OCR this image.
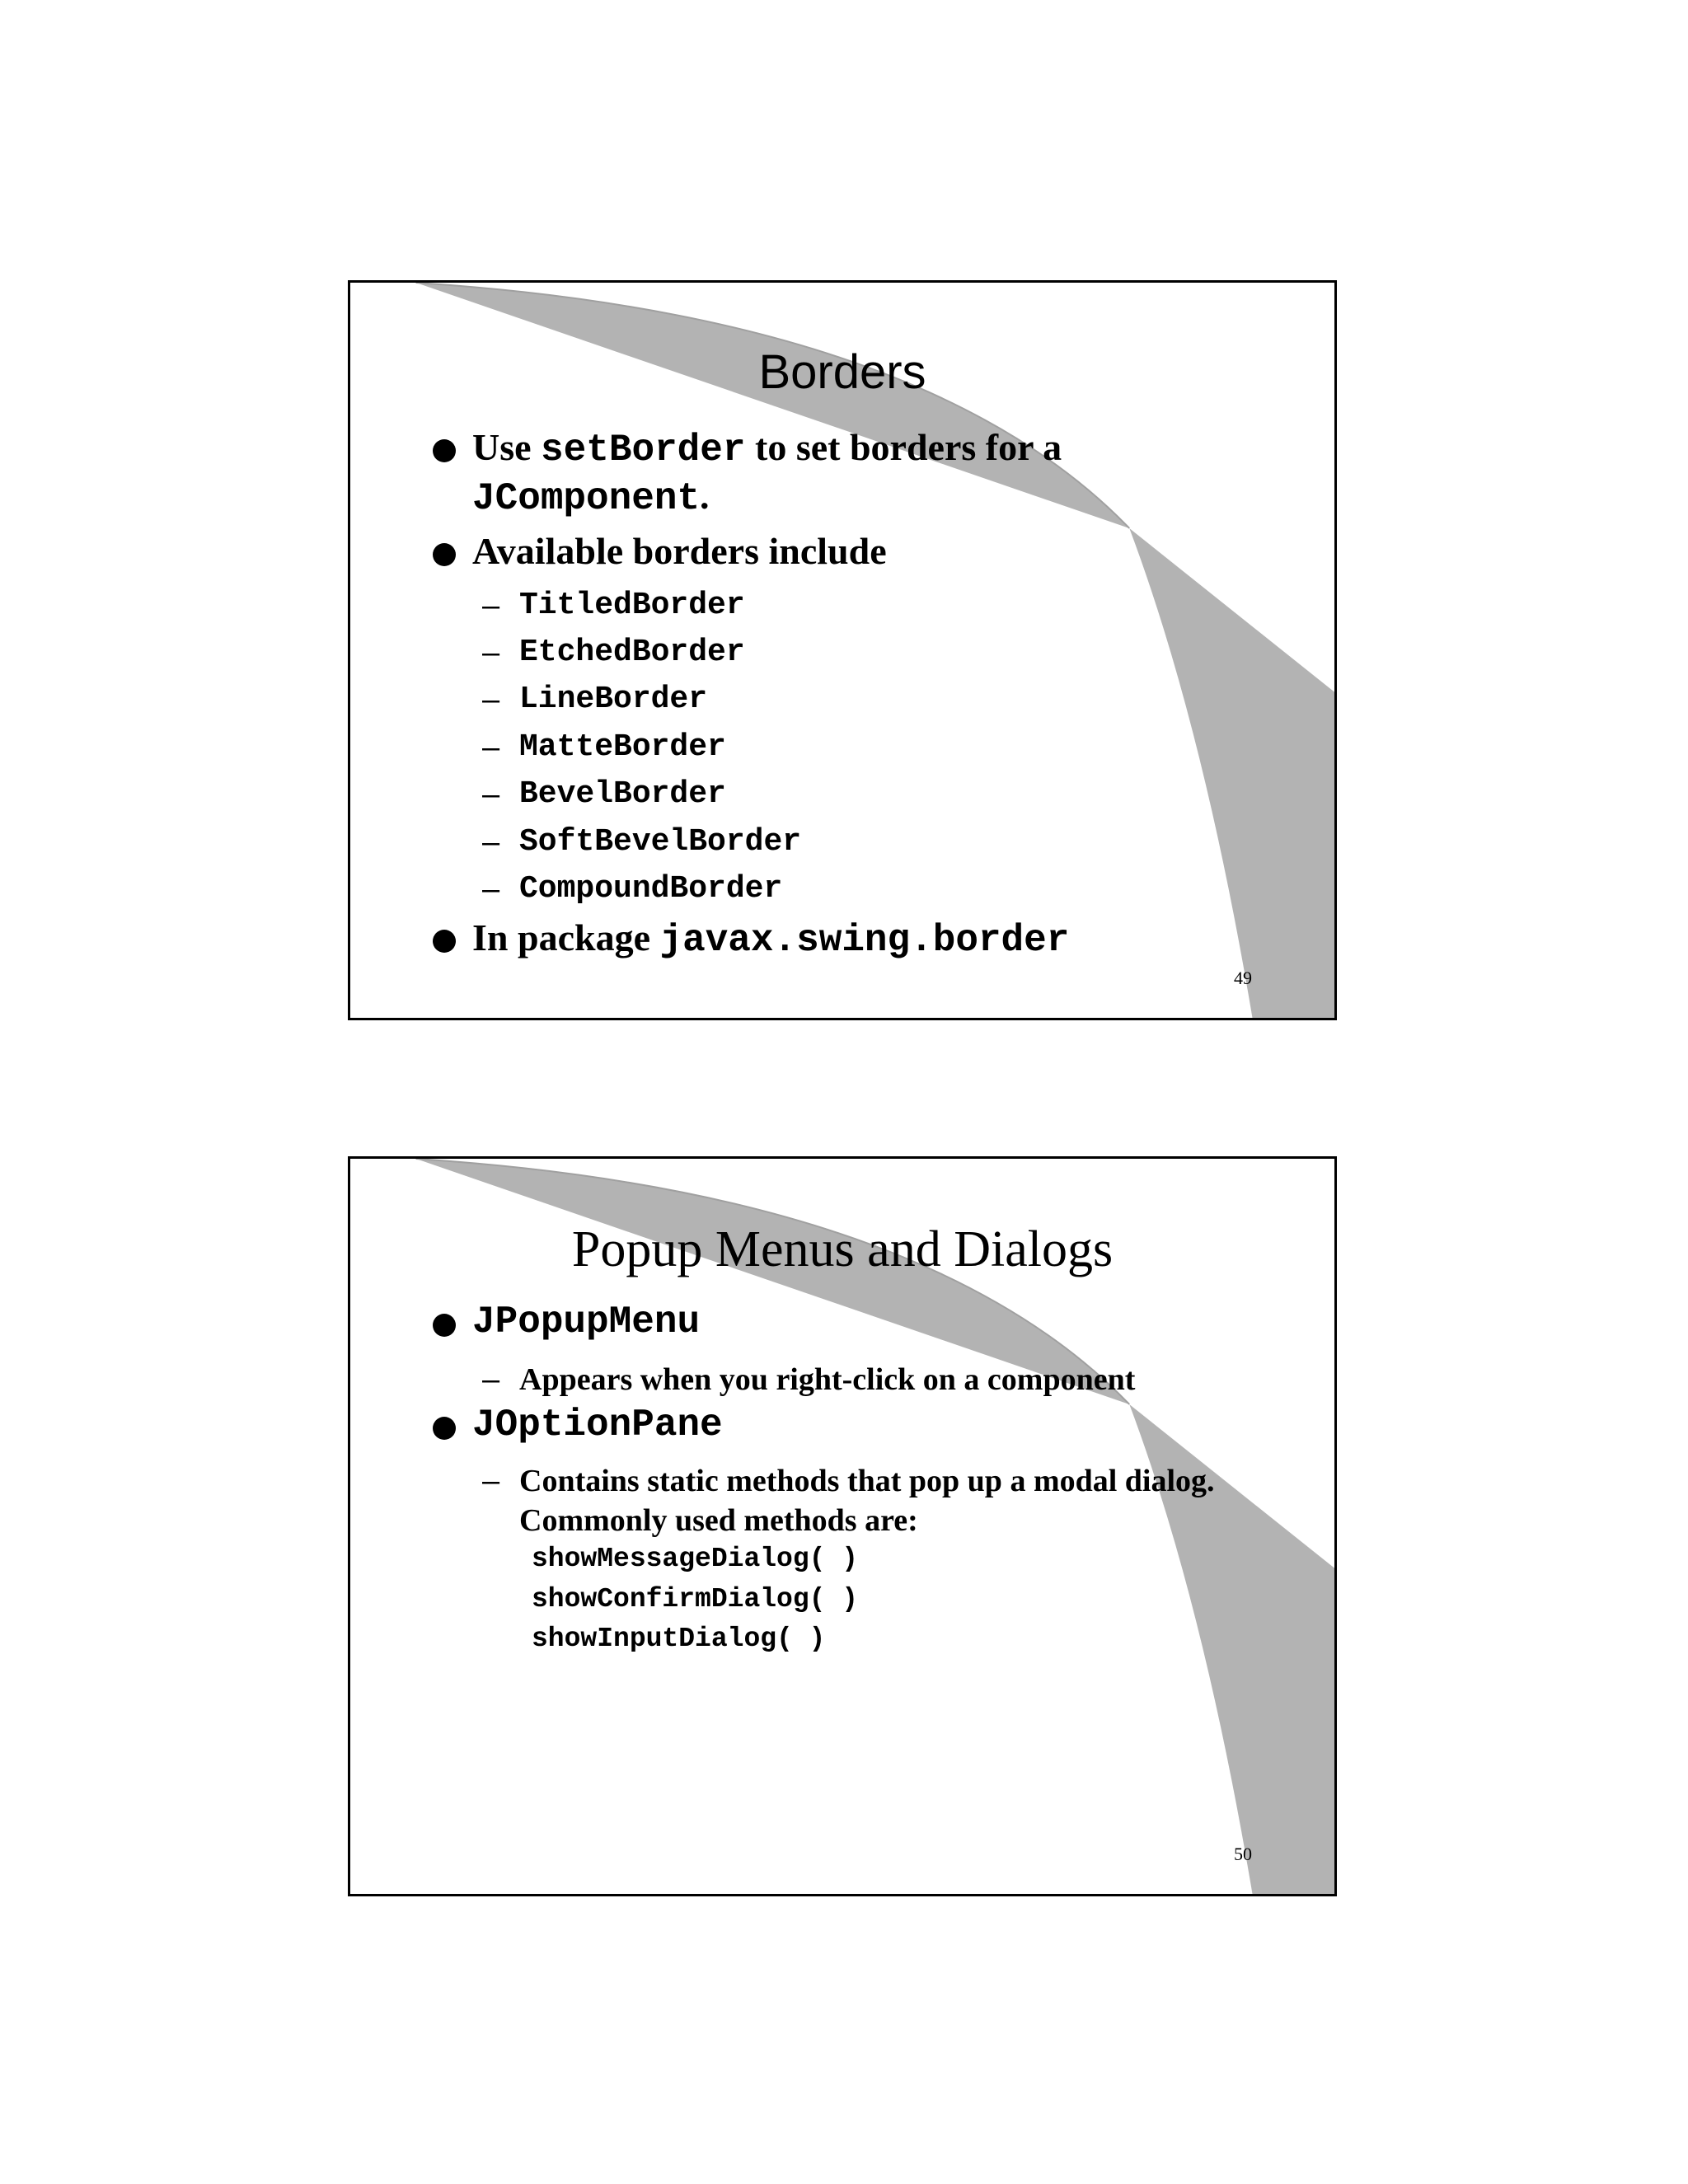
Borders
Use setBorder to set borders for a
JComponent.
Available borders include
– TitledBorder
– EtchedBorder
– LineBorder
– MatteBorder
– BevelBorder
– SoftBevelBorder
– CompoundBorder
In package javax.swing.border
49
Popup Menus and Dialogs
JPopupMenu
– Appears when you right-click on a component
JOptionPane
– Contains static methods that pop up a modal dialog.
Commonly used methods are:
showMessageDialog( )
showConfirmDialog( )
showInputDialog( )
50
